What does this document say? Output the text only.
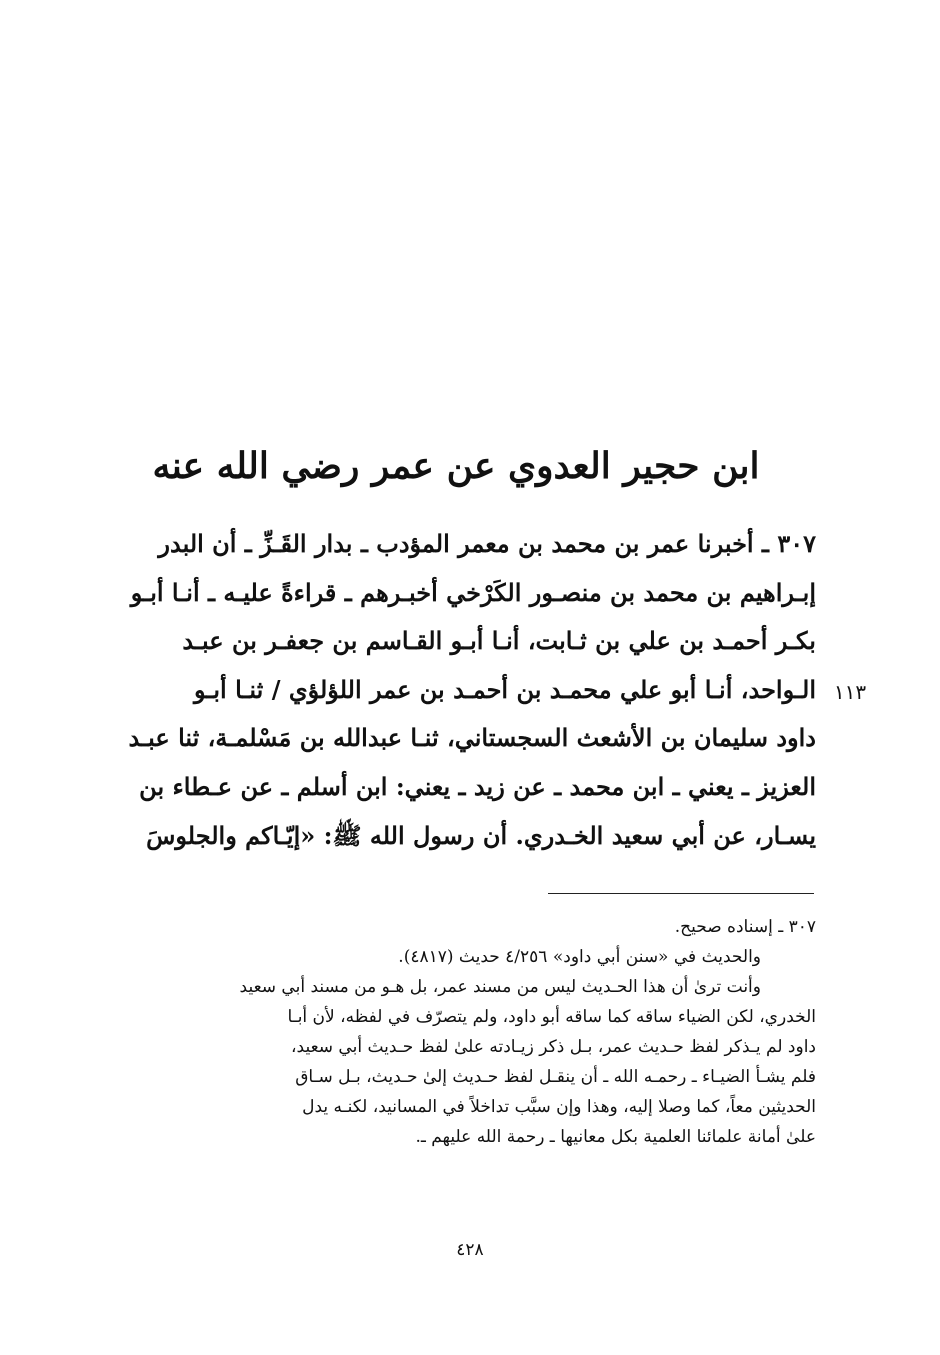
ابن حجير العدوي عن عمر رضي الله عنه
١١٣
٣٠٧ ـ أخبرنا عمر بن محمد بن معمر المؤدب ـ بدار القَـزِّ ـ أن البدر
إبـراهيم بن محمد بن منصـور الكَرْخي أخبـرهم ـ قراءةً عليـه ـ أنـا أبـو
بكـر أحمـد بن علي بن ثـابت، أنـا أبـو القـاسم بن جعفـر بن عبـد
الـواحد، أنـا أبو علي محمـد بن أحمـد بن عمر اللؤلؤي / ثنـا أبـو
داود سليمان بن الأشعث السجستاني، ثنـا عبدالله بن مَسْلمـة، ثنا عبـد
العزيز ـ يعني ـ ابن محمد ـ عن زيد ـ يعني: ابن أسلم ـ عن عـطاء بن
يسـار، عن أبي سعيد الخـدري. أن رسول الله ﷺ: «إيّـاكم والجلوسَ
٣٠٧ ـ إسناده صحيح.
والحديث في «سنن أبي داود» ٤/٢٥٦ حديث (٤٨١٧).
وأنت ترىٰ أن هذا الحـديث ليس من مسند عمر، بل هـو من مسند أبي سعيد
الخدري، لكن الضياء ساقه كما ساقه أبو داود، ولم يتصرّف في لفظه، لأن أبـا
داود لم يـذكر لفظ حـديث عمر، بـل ذكر زيـادته علىٰ لفظ حـديث أبي سعيد،
فلم يشـأ الضيـاء ـ رحمـه الله ـ أن ينقـل لفظ حـديث إلىٰ حـديث، بـل سـاق
الحديثين معاً، كما وصلا إليه، وهذا وإن سبَّب تداخلاً في المسانيد، لكنـه يدل
علىٰ أمانة علمائنا العلمية بكل معانيها ـ رحمة الله عليهم ـ.
٤٢٨
